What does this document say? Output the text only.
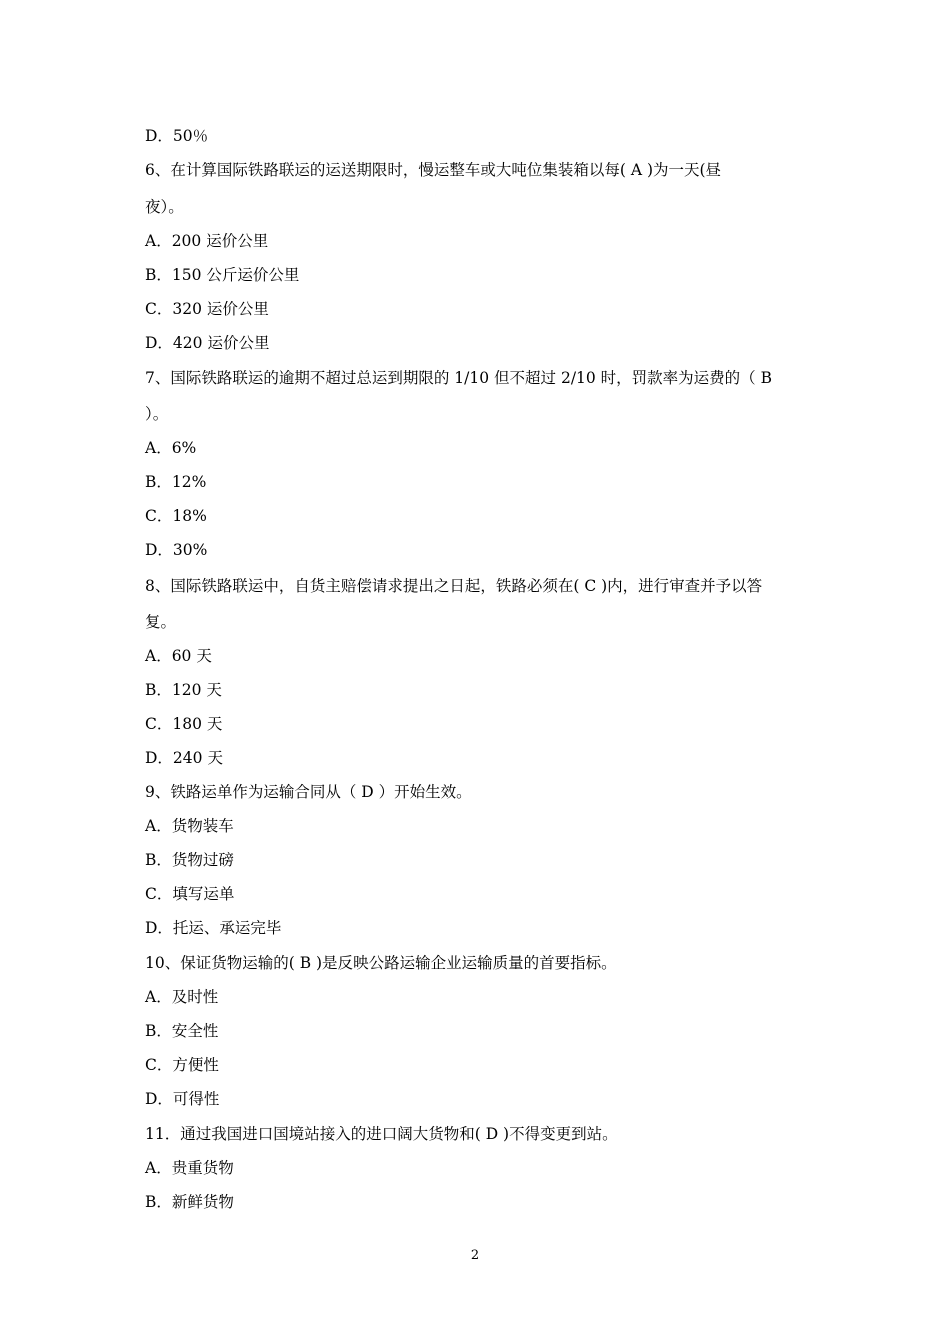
D．50％
6、在计算国际铁路联运的运送期限时，慢运整车或大吨位集装箱以每( A )为一天(昼
夜）。
A．200 运价公里
B．150 公斤运价公里
C．320 运价公里
D．420 运价公里
7、国际铁路联运的逾期不超过总运到期限的 1/10 但不超过 2/10 时，罚款率为运费的（ B
）。
A．6%
B．12%
C．18%
D．30%
8、国际铁路联运中，自货主赔偿请求提出之日起，铁路必须在( C )内，进行审查并予以答
复。
A．60 天
B．120 天
C．180 天
D．240 天
9、铁路运单作为运输合同从（ D ）开始生效。
A．货物装车
B．货物过磅
C．填写运单
D．托运、承运完毕
10、保证货物运输的( B )是反映公路运输企业运输质量的首要指标。
A．及时性
B．安全性
C．方便性
D．可得性
11．通过我国进口国境站接入的进口阔大货物和( D )不得变更到站。
A．贵重货物
B．新鲜货物
2
